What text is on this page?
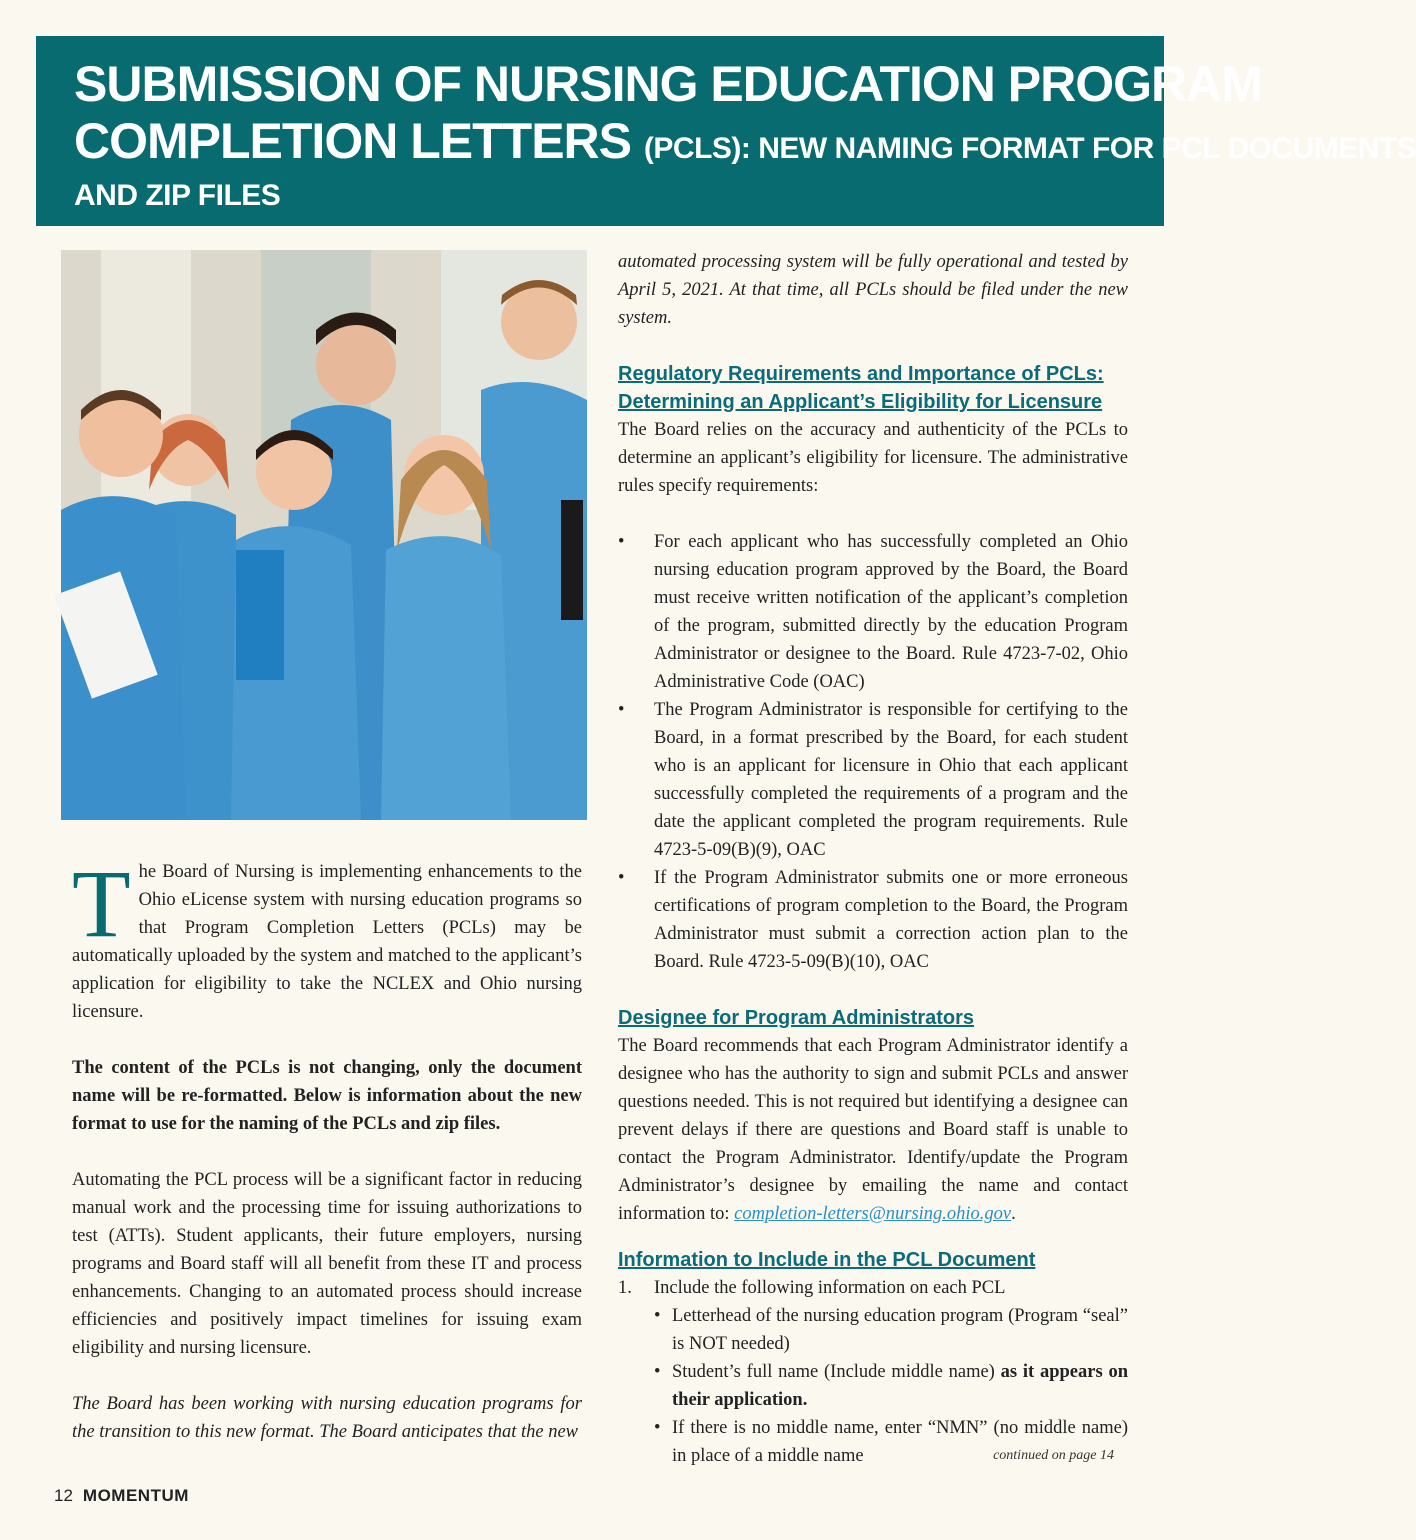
SUBMISSION OF NURSING EDUCATION PROGRAM
COMPLETION LETTERS (PCLS): NEW NAMING FORMAT FOR PCL DOCUMENTS
AND ZIP FILES
T he Board of Nursing is implementing enhancements to the Ohio eLicense system with nursing education programs so that Program Completion Letters (PCLs) may be automatically uploaded by the system and matched to the applicant’s application for eligibility to take the NCLEX and Ohio nursing licensure.

The content of the PCLs is not changing, only the document name will be re-formatted. Below is information about the new format to use for the naming of the PCLs and zip files.

Automating the PCL process will be a significant factor in reducing manual work and the processing time for issuing authorizations to test (ATTs). Student applicants, their future employers, nursing programs and Board staff will all benefit from these IT and process enhancements. Changing to an automated process should increase efficiencies and positively impact timelines for issuing exam eligibility and nursing licensure.

The Board has been working with nursing education programs for the transition to this new format. The Board anticipates that the new

automated processing system will be fully operational and tested by April 5, 2021. At that time, all PCLs should be filed under the new system.

Regulatory Requirements and Importance of PCLs: Determining an Applicant’s Eligibility for Licensure

The Board relies on the accuracy and authenticity of the PCLs to determine an applicant’s eligibility for licensure. The administrative rules specify requirements:

• For each applicant who has successfully completed an Ohio nursing education program approved by the Board, the Board must receive written notification of the applicant’s completion of the program, submitted directly by the education Program Administrator or designee to the Board. Rule 4723-7-02, Ohio Administrative Code (OAC)
• The Program Administrator is responsible for certifying to the Board, in a format prescribed by the Board, for each student who is an applicant for licensure in Ohio that each applicant successfully completed the requirements of a program and the date the applicant completed the program requirements. Rule 4723-5-09(B)(9), OAC
• If the Program Administrator submits one or more erroneous certifications of program completion to the Board, the Program Administrator must submit a correction action plan to the Board. Rule 4723-5-09(B)(10), OAC

Designee for Program Administrators

The Board recommends that each Program Administrator identify a designee who has the authority to sign and submit PCLs and answer questions needed. This is not required but identifying a designee can prevent delays if there are questions and Board staff is unable to contact the Program Administrator. Identify/update the Program Administrator’s designee by emailing the name and contact information to: completion-letters@nursing.ohio.gov.

Information to Include in the PCL Document

1. Include the following information on each PCL

• Letterhead of the nursing education program (Program “seal” is NOT needed)
• Student’s full name (Include middle name) as it appears on their application.
• If there is no middle name, enter “NMN” (no middle name) in place of a middle name	continued on page 14
12 MOMENTUM
